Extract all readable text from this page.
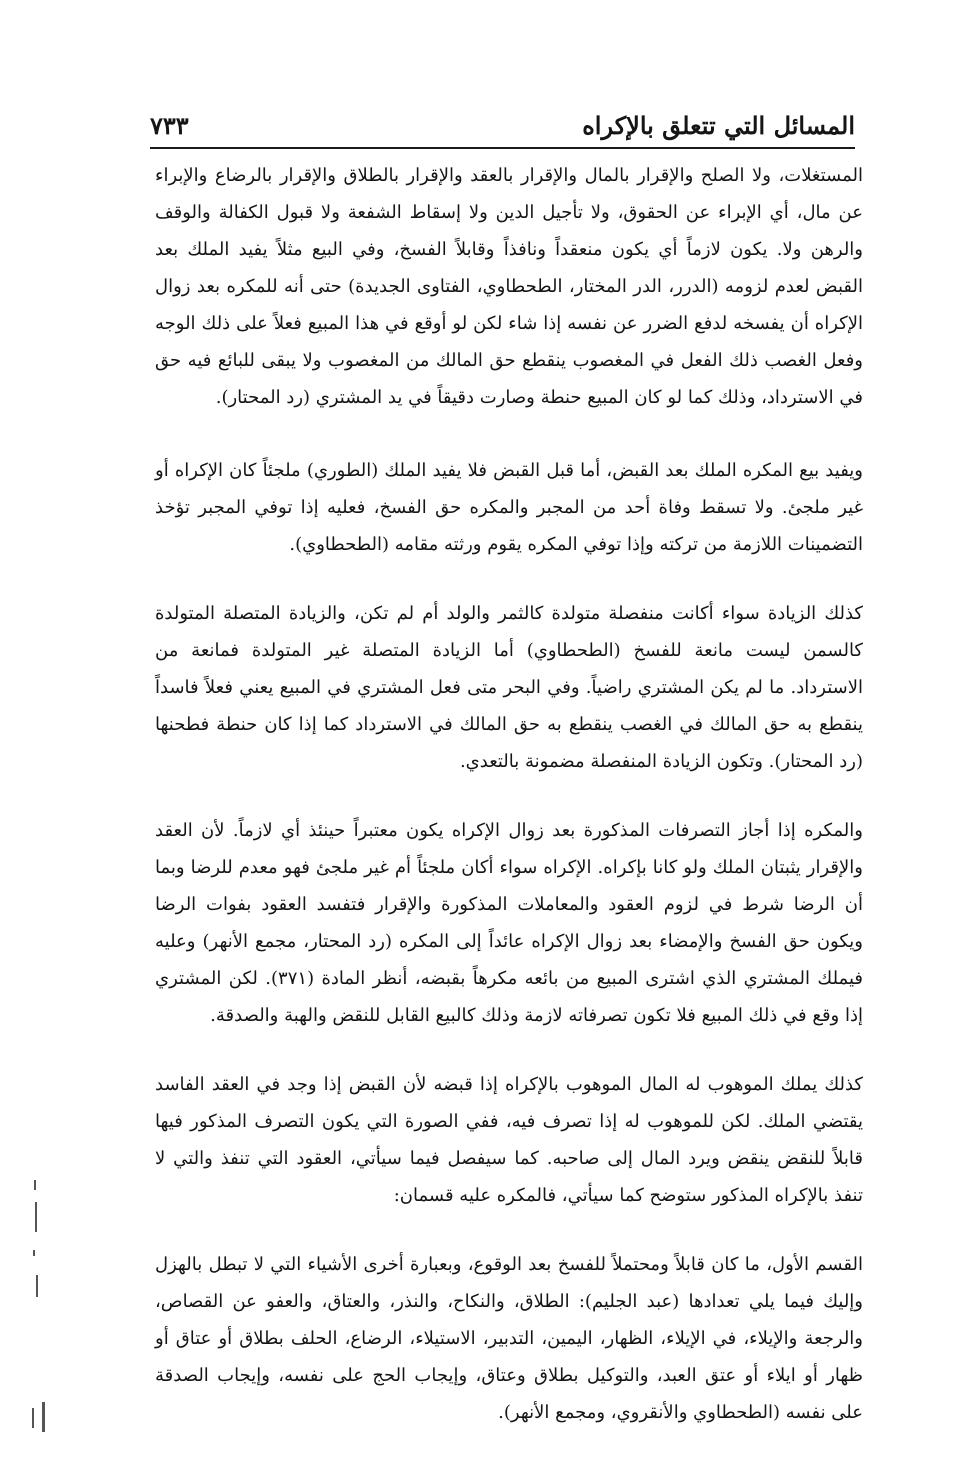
المسائل التي تتعلق بالإكراه
٧٣٣

المستغلات، ولا الصلح والإقرار بالمال والإقرار بالعقد والإقرار بالطلاق والإقرار بالرضاع والإبراء عن مال، أي الإبراء عن الحقوق، ولا تأجيل الدين ولا إسقاط الشفعة ولا قبول الكفالة والوقف والرهن ولا. يكون لازماً أي يكون منعقداً ونافذاً وقابلاً الفسخ، وفي البيع مثلاً يفيد الملك بعد القبض لعدم لزومه (الدرر، الدر المختار، الطحطاوي، الفتاوى الجديدة) حتى أنه للمكره بعد زوال الإكراه أن يفسخه لدفع الضرر عن نفسه إذا شاء لكن لو أوقع في هذا المبيع فعلاً على ذلك الوجه وفعل الغصب ذلك الفعل في المغصوب ينقطع حق المالك من المغصوب ولا يبقى للبائع فيه حق في الاسترداد، وذلك كما لو كان المبيع حنطة وصارت دقيقاً في يد المشتري (رد المحتار).

ويفيد بيع المكره الملك بعد القبض، أما قبل القبض فلا يفيد الملك (الطوري) ملجئاً كان الإكراه أو غير ملجئ. ولا تسقط وفاة أحد من المجبر والمكره حق الفسخ، فعليه إذا توفي المجبر تؤخذ التضمينات اللازمة من تركته وإذا توفي المكره يقوم ورثته مقامه (الطحطاوي).

كذلك الزيادة سواء أكانت منفصلة متولدة كالثمر والولد أم لم تكن، والزيادة المتصلة المتولدة كالسمن ليست مانعة للفسخ (الطحطاوي) أما الزيادة المتصلة غير المتولدة فمانعة من الاسترداد. ما لم يكن المشتري راضياً. وفي البحر متى فعل المشتري في المبيع يعني فعلاً فاسداً ينقطع به حق المالك في الغصب ينقطع به حق المالك في الاسترداد كما إذا كان حنطة فطحنها (رد المحتار). وتكون الزيادة المنفصلة مضمونة بالتعدي.

والمكره إذا أجاز التصرفات المذكورة بعد زوال الإكراه يكون معتبراً حينئذ أي لازماً. لأن العقد والإقرار يثبتان الملك ولو كانا بإكراه. الإكراه سواء أكان ملجئاً أم غير ملجئ فهو معدم للرضا وبما أن الرضا شرط في لزوم العقود والمعاملات المذكورة والإقرار فتفسد العقود بفوات الرضا ويكون حق الفسخ والإمضاء بعد زوال الإكراه عائداً إلى المكره (رد المحتار، مجمع الأنهر) وعليه فيملك المشتري الذي اشترى المبيع من بائعه مكرهاً بقبضه، أنظر المادة (٣٧١). لكن المشتري إذا وقع في ذلك المبيع فلا تكون تصرفاته لازمة وذلك كالبيع القابل للنقض والهبة والصدقة.

كذلك يملك الموهوب له المال الموهوب بالإكراه إذا قبضه لأن القبض إذا وجد في العقد الفاسد يقتضي الملك. لكن للموهوب له إذا تصرف فيه، ففي الصورة التي يكون التصرف المذكور فيها قابلاً للنقض ينقض ويرد المال إلى صاحبه. كما سيفصل فيما سيأتي، العقود التي تنفذ والتي لا تنفذ بالإكراه المذكور ستوضح كما سيأتي، فالمكره عليه قسمان:

القسم الأول، ما كان قابلاً ومحتملاً للفسخ بعد الوقوع، وبعبارة أخرى الأشياء التي لا تبطل بالهزل وإليك فيما يلي تعدادها (عبد الجليم): الطلاق، والنكاح، والنذر، والعتاق، والعفو عن القصاص، والرجعة والإيلاء، في الإيلاء، الظهار، اليمين، التدبير، الاستيلاء، الرضاع، الحلف بطلاق أو عتاق أو ظهار أو ايلاء أو عتق العبد، والتوكيل بطلاق وعتاق، وإيجاب الحج على نفسه، وإيجاب الصدقة على نفسه (الطحطاوي والأنقروي، ومجمع الأنهر).
